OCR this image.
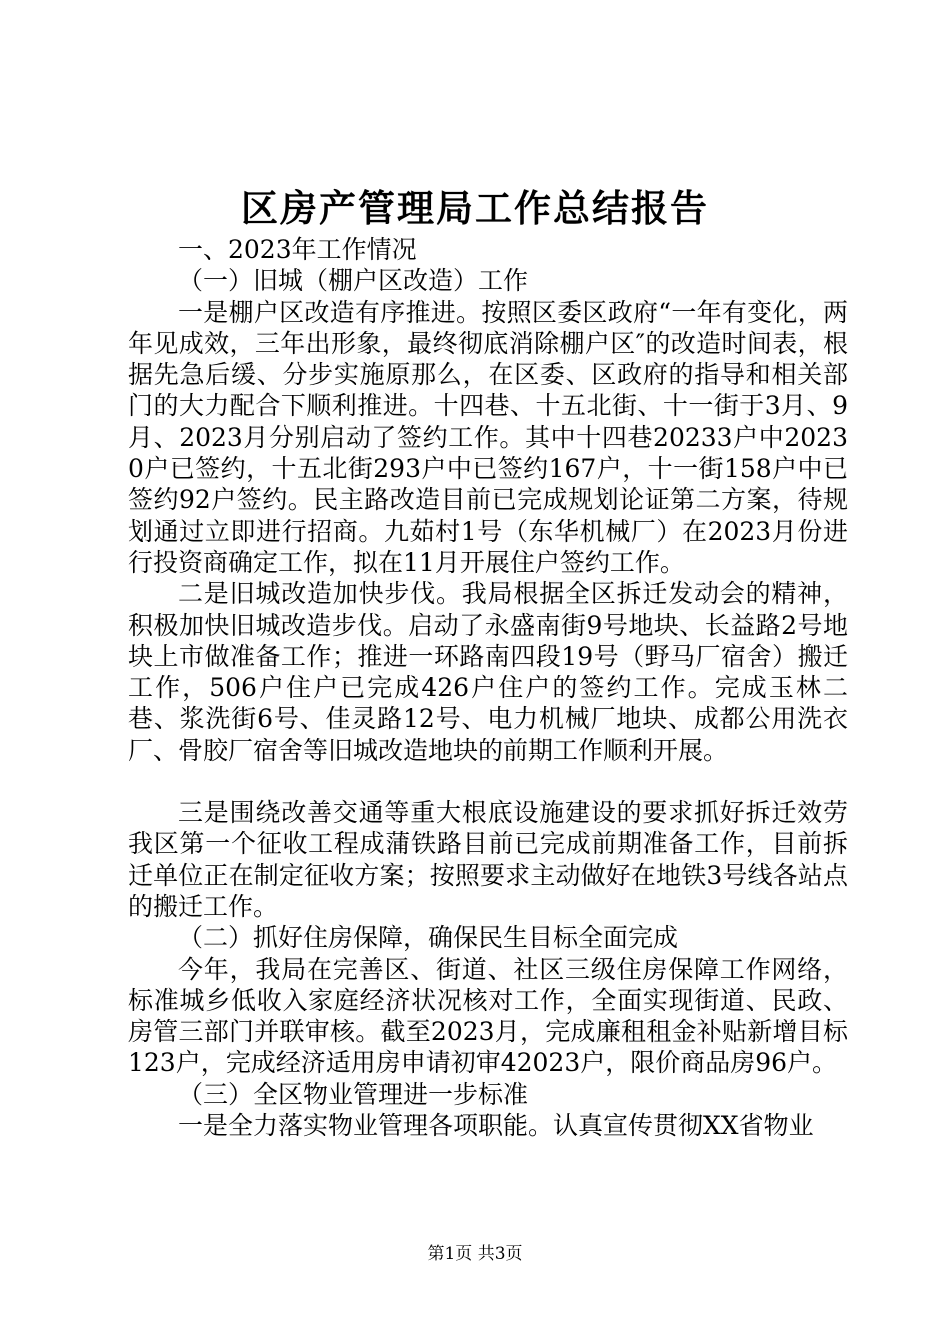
区房产管理局工作总结报告

一、2023年工作情况

（一）旧城（棚户区改造）工作

一是棚户区改造有序推进。按照区委区政府“一年有变化，两年见成效，三年出形象，最终彻底消除棚户区″的改造时间表，根据先急后缓、分步实施原那么，在区委、区政府的指导和相关部门的大力配合下顺利推进。十四巷、十五北街、十一街于3月、9月、2023月分别启动了签约工作。其中十四巷20233户中20230户已签约，十五北街293户中已签约167户，十一街158户中已签约92户签约。民主路改造目前已完成规划论证第二方案，待规划通过立即进行招商。九茹村1号（东华机械厂）在2023月份进行投资商确定工作，拟在11月开展住户签约工作。

二是旧城改造加快步伐。我局根据全区拆迁发动会的精神，积极加快旧城改造步伐。启动了永盛南街9号地块、长益路2号地块上市做准备工作；推进一环路南四段19号（野马厂宿舍）搬迁工作，506户住户已完成426户住户的签约工作。完成玉林二巷、浆洗街6号、佳灵路12号、电力机械厂地块、成都公用洗衣厂、骨胶厂宿舍等旧城改造地块的前期工作顺利开展。

三是围绕改善交通等重大根底设施建设的要求抓好拆迁效劳我区第一个征收工程成蒲铁路目前已完成前期准备工作，目前拆迁单位正在制定征收方案；按照要求主动做好在地铁3号线各站点的搬迁工作。

（二）抓好住房保障，确保民生目标全面完成

今年，我局在完善区、街道、社区三级住房保障工作网络，标准城乡低收入家庭经济状况核对工作，全面实现街道、民政、房管三部门并联审核。截至2023月，完成廉租租金补贴新增目标123户，完成经济适用房申请初审42023户，限价商品房96户。

（三）全区物业管理进一步标准

一是全力落实物业管理各项职能。认真宣传贯彻XX省物业

第1页 共3页
